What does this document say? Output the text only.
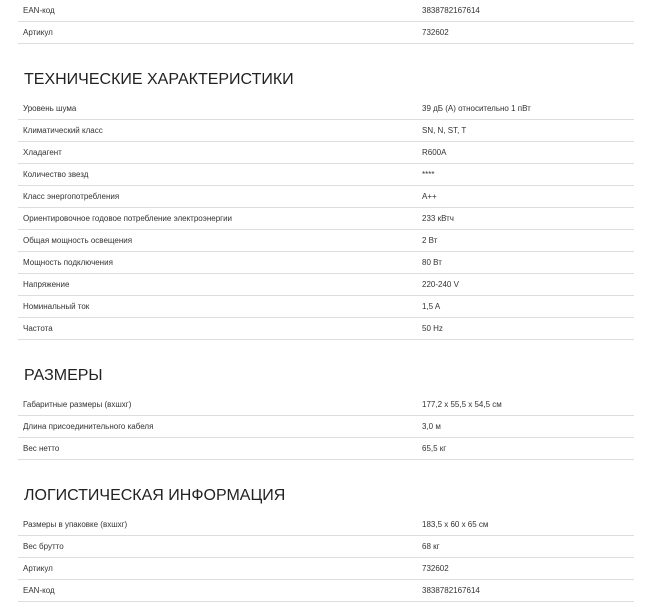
EAN-код	3838782167614
Артикул	732602
ТЕХНИЧЕСКИЕ ХАРАКТЕРИСТИКИ
Уровень шума	39 дБ (A) относительно 1 пВт
Климатический класс	SN, N, ST, T
Хладагент	R600A
Количество звезд	****
Класс энергопотребления	A++
Ориентировочное годовое потребление электроэнергии	233 кВтч
Общая мощность освещения	2 Вт
Мощность подключения	80 Вт
Напряжение	220-240 V
Номинальный ток	1,5 A
Частота	50 Hz
РАЗМЕРЫ
Габаритные размеры (вхшхг)	177,2 x 55,5 x 54,5 см
Длина присоединительного кабеля	3,0 м
Вес нетто	65,5 кг
ЛОГИСТИЧЕСКАЯ ИНФОРМАЦИЯ
Размеры в упаковке (вхшхг)	183,5 x 60 x 65 см
Вес брутто	68 кг
Артикул	732602
EAN-код	3838782167614
